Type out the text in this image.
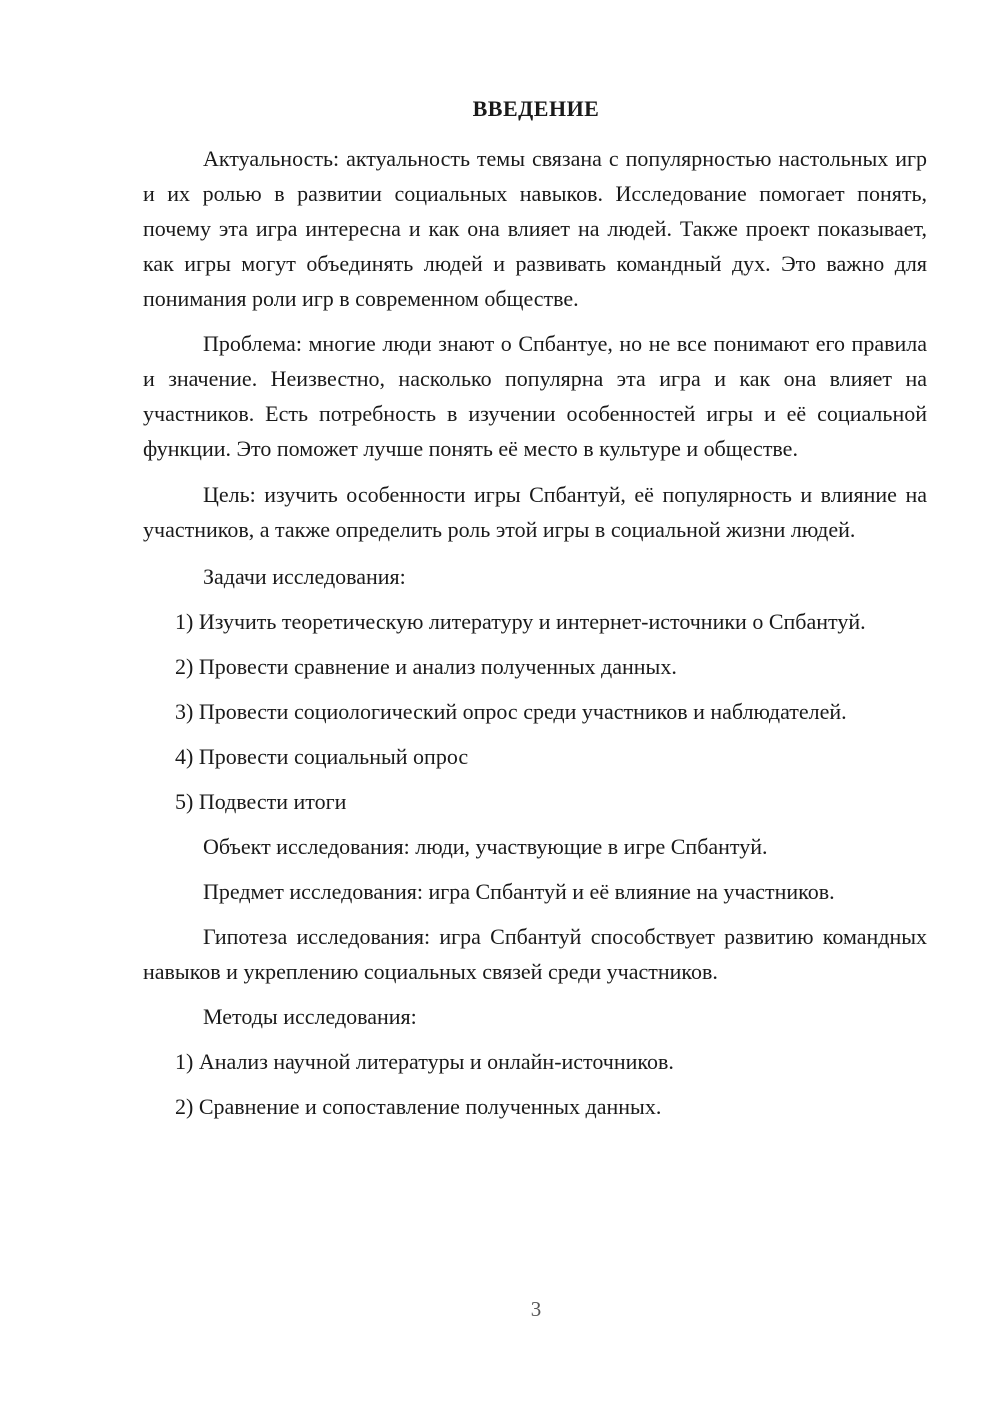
ВВЕДЕНИЕ

Актуальность: актуальность темы связана с популярностью настольных игр и их ролью в развитии социальных навыков. Исследование помогает понять, почему эта игра интересна и как она влияет на людей. Также проект показывает, как игры могут объединять людей и развивать командный дух. Это важно для понимания роли игр в современном обществе.

Проблема: многие люди знают о Спбантуе, но не все понимают его правила и значение. Неизвестно, насколько популярна эта игра и как она влияет на участников. Есть потребность в изучении особенностей игры и её социальной функции. Это поможет лучше понять её место в культуре и обществе.

Цель: изучить особенности игры Спбантуй, её популярность и влияние на участников, а также определить роль этой игры в социальной жизни людей.

Задачи исследования:

1) Изучить теоретическую литературу и интернет-источники о Спбантуй.

2) Провести сравнение и анализ полученных данных.

3) Провести социологический опрос среди участников и наблюдателей.

4) Провести социальный опрос

5) Подвести итоги

Объект исследования: люди, участвующие в игре Спбантуй.

Предмет исследования: игра Спбантуй и её влияние на участников.

Гипотеза исследования: игра Спбантуй способствует развитию командных навыков и укреплению социальных связей среди участников.

Методы исследования:

1) Анализ научной литературы и онлайн-источников.

2) Сравнение и сопоставление полученных данных.

3
